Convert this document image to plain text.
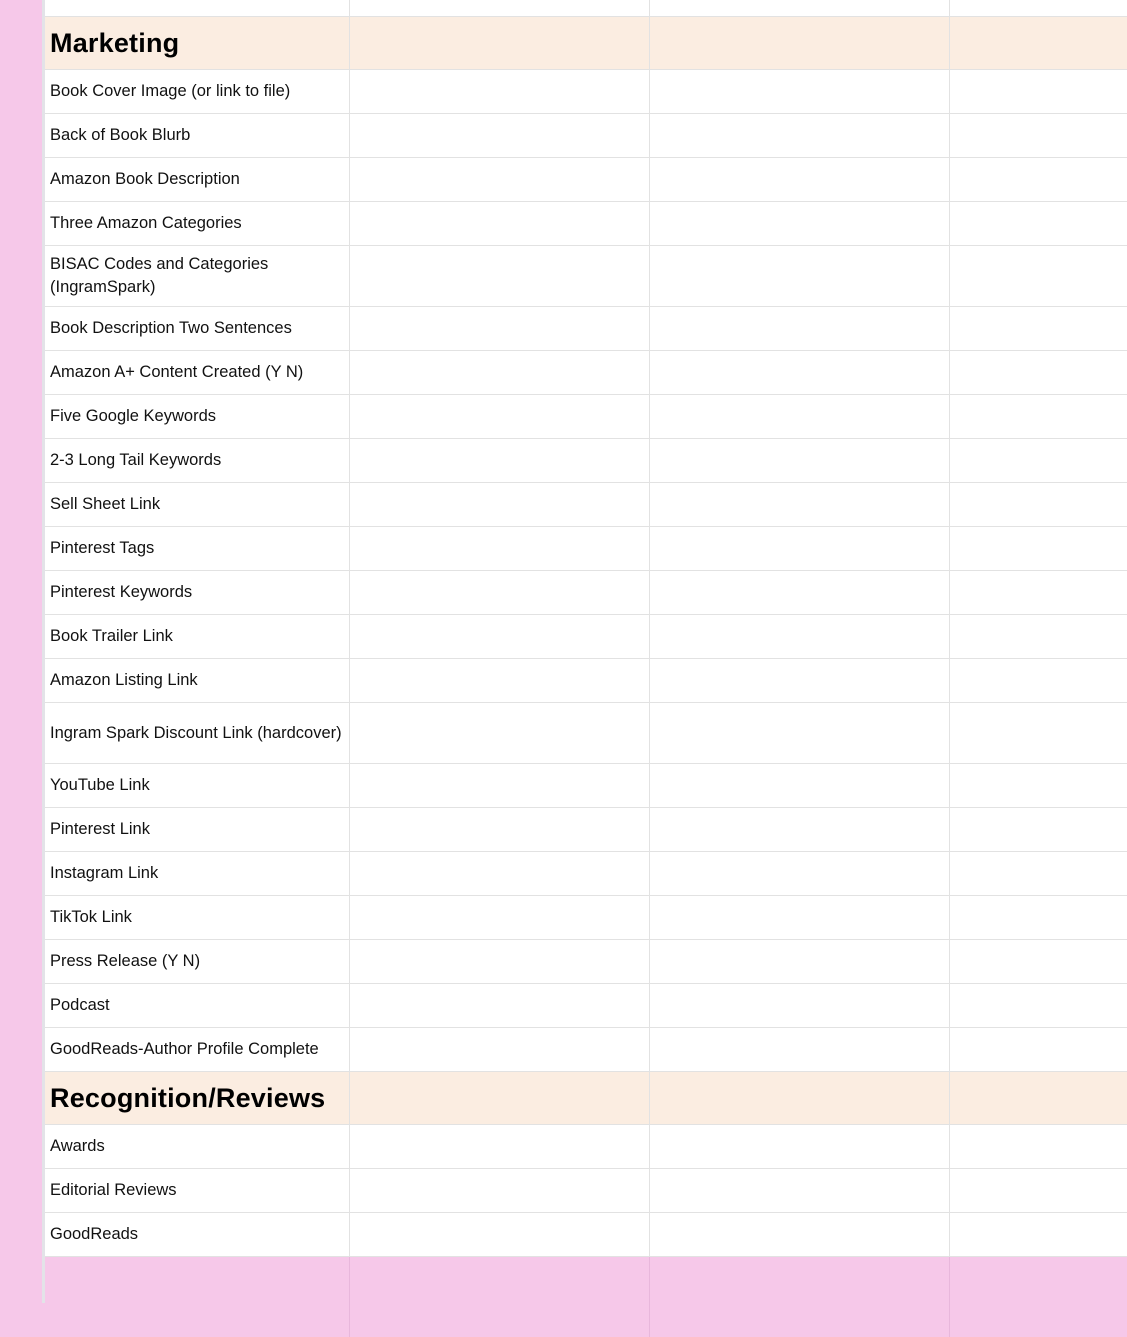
Marketing
Book Cover Image (or link to file)
Back of Book Blurb
Amazon Book Description
Three Amazon Categories
BISAC Codes and Categories (IngramSpark)
Book Description Two Sentences
Amazon A+ Content Created (Y N)
Five Google Keywords
2-3 Long Tail Keywords
Sell Sheet Link
Pinterest Tags
Pinterest Keywords
Book Trailer Link
Amazon Listing Link
Ingram Spark Discount Link (hardcover)
YouTube Link
Pinterest Link
Instagram Link
TikTok Link
Press Release (Y N)
Podcast
GoodReads-Author Profile Complete
Recognition/Reviews
Awards
Editorial Reviews
GoodReads
